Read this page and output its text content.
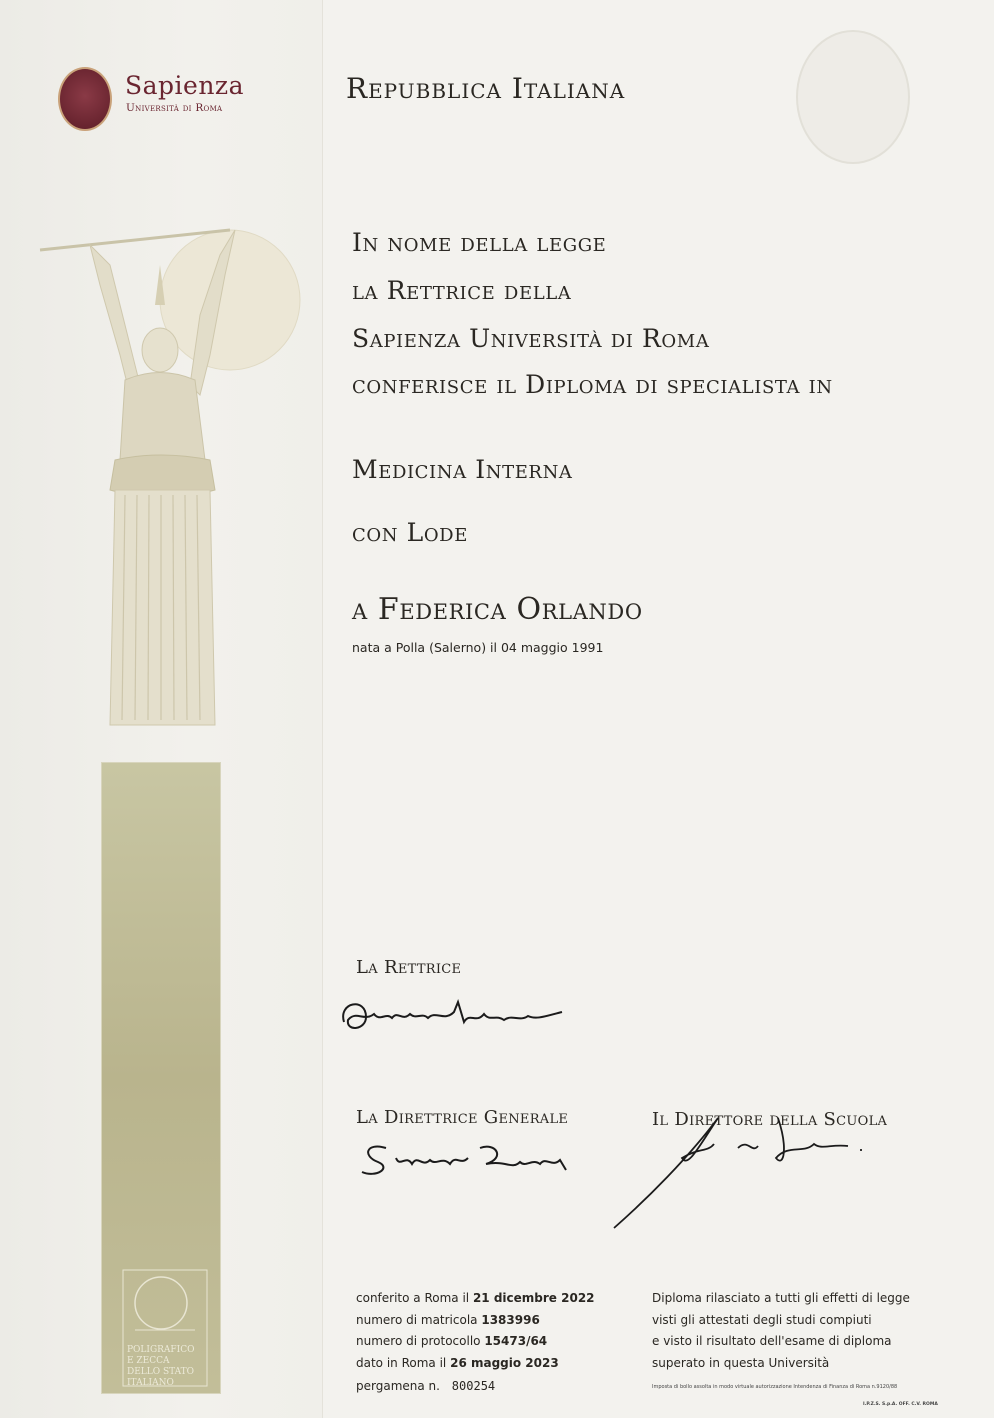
POLIGRAFICO
E ZECCA
DELLO STATO
ITALIANO
Sapienza
Università di Roma
Repubblica Italiana
In nome della legge
la Rettrice della
Sapienza Università di Roma
conferisce il Diploma di specialista in
Medicina Interna
con Lode
a Federica Orlando
nata a Polla (Salerno) il 04 maggio 1991
La Rettrice
La Direttrice Generale	Il Direttore della Scuola
conferito a Roma il 21 dicembre 2022
numero di matricola 1383996
numero di protocollo 15473/64
dato in Roma il 26 maggio 2023
pergamena n. 800254
Diploma rilasciato a tutti gli effetti di legge
visti gli attestati degli studi compiuti
e visto il risultato dell'esame di diploma
superato in questa Università
Imposta di bollo assolta in modo virtuale autorizzazione Intendenza di Finanza di Roma n.9120/88
I.P.Z.S. S.p.A. OFF. C.V. ROMA
